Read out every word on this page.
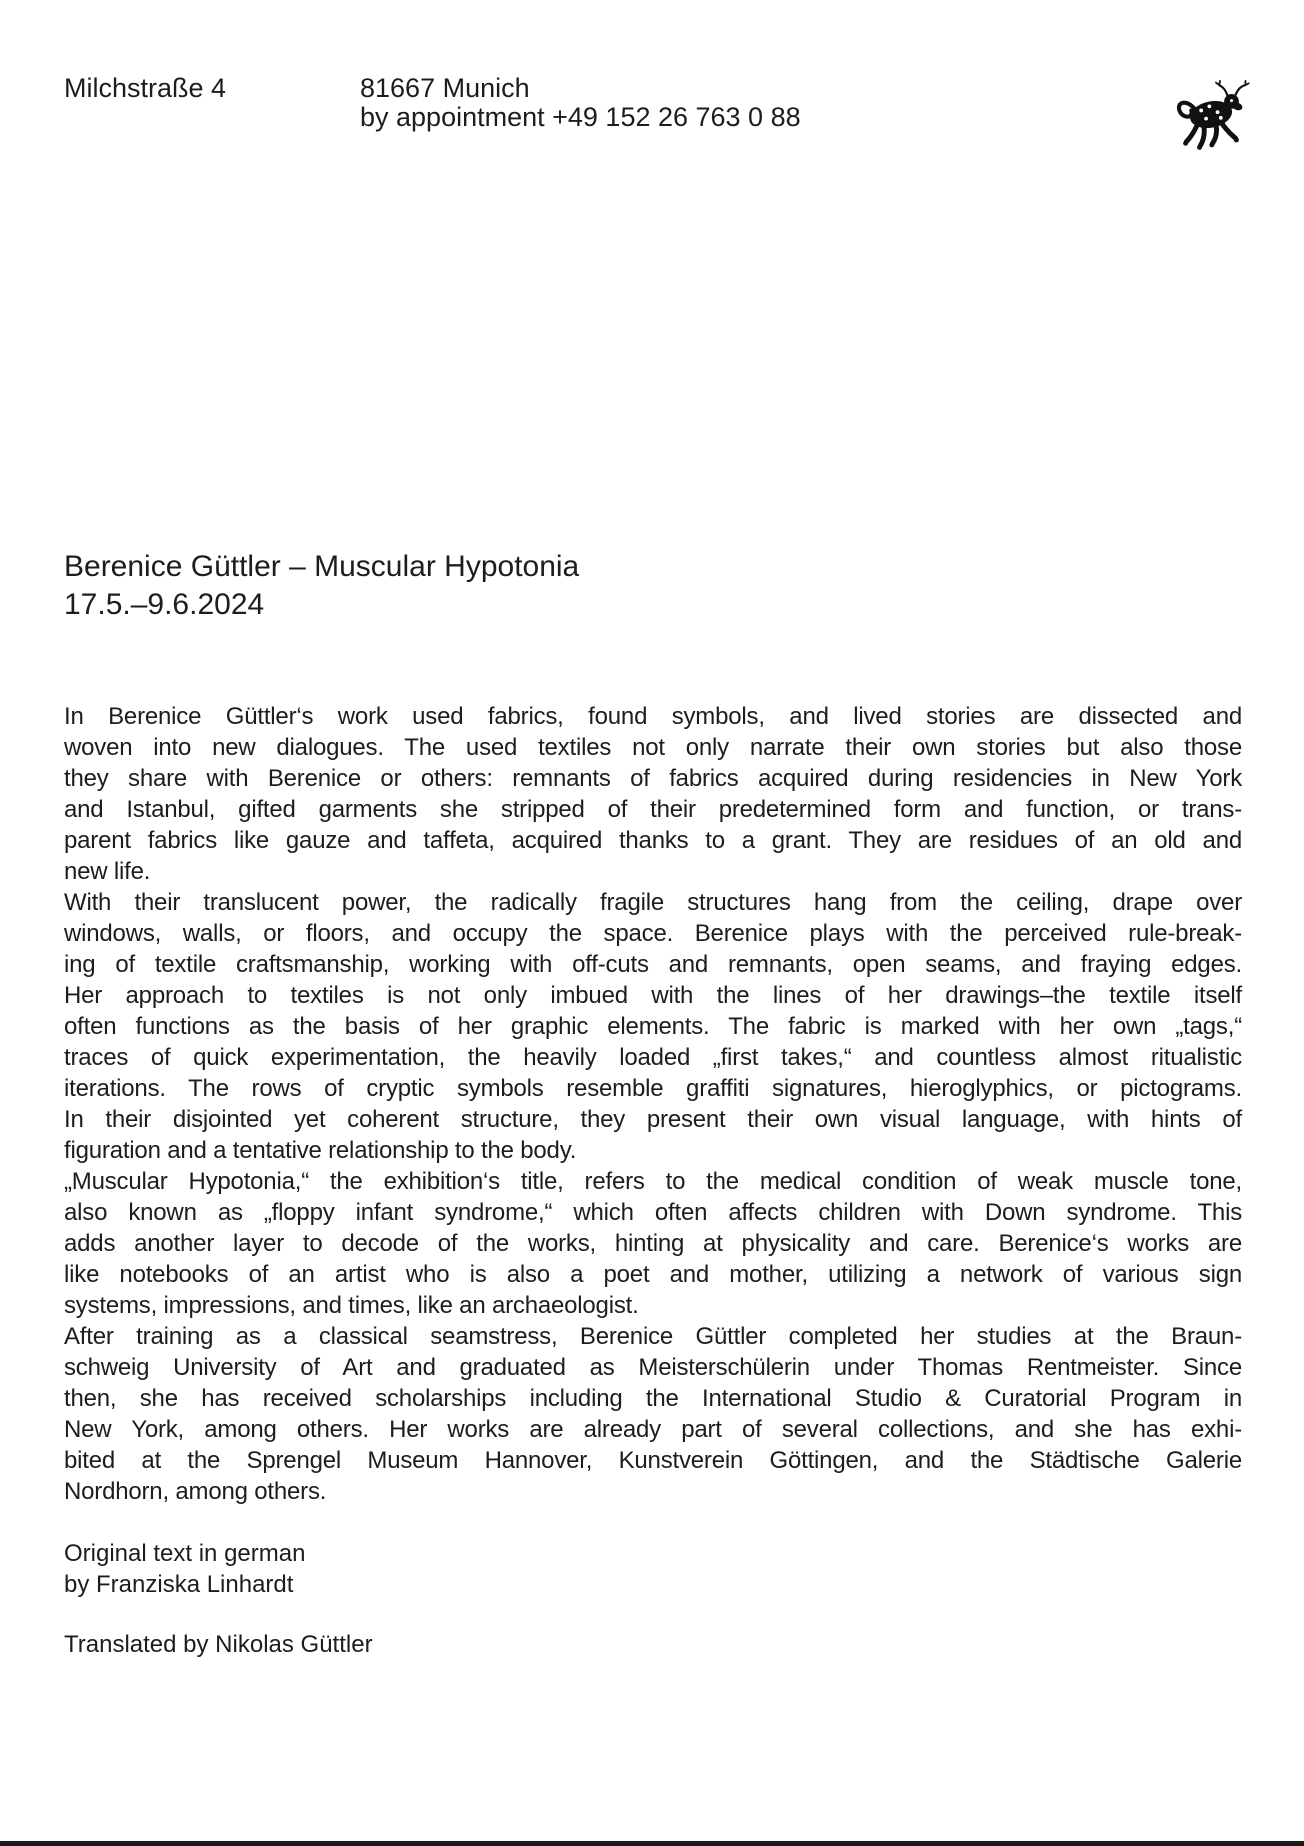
Milchstraße 4	81667 Munich
by appointment +49 152 26 763 0 88
Berenice Güttler – Muscular Hypotonia
17.5.–9.6.2024
In Berenice Güttler‘s work used fabrics, found symbols, and lived stories are dissected and
woven into new dialogues. The used textiles not only narrate their own stories but also those
they share with Berenice or others: remnants of fabrics acquired during residencies in New York
and Istanbul, gifted garments she stripped of their predetermined form and function, or trans-
parent fabrics like gauze and taffeta, acquired thanks to a grant. They are residues of an old and
new life.
With their translucent power, the radically fragile structures hang from the ceiling, drape over
windows, walls, or floors, and occupy the space. Berenice plays with the perceived rule-break-
ing of textile craftsmanship, working with off-cuts and remnants, open seams, and fraying edges.
Her approach to textiles is not only imbued with the lines of her drawings–the textile itself
often functions as the basis of her graphic elements. The fabric is marked with her own „tags,“
traces of quick experimentation, the heavily loaded „first takes,“ and countless almost ritualistic
iterations. The rows of cryptic symbols resemble graffiti signatures, hieroglyphics, or pictograms.
In their disjointed yet coherent structure, they present their own visual language, with hints of
figuration and a tentative relationship to the body.
„Muscular Hypotonia,“ the exhibition‘s title, refers to the medical condition of weak muscle tone,
also known as „floppy infant syndrome,“ which often affects children with Down syndrome. This
adds another layer to decode of the works, hinting at physicality and care. Berenice‘s works are
like notebooks of an artist who is also a poet and mother, utilizing a network of various sign
systems, impressions, and times, like an archaeologist.
After training as a classical seamstress, Berenice Güttler completed her studies at the Braun-
schweig University of Art and graduated as Meisterschülerin under Thomas Rentmeister. Since
then, she has received scholarships including the International Studio & Curatorial Program in
New York, among others. Her works are already part of several collections, and she has exhi-
bited at the Sprengel Museum Hannover, Kunstverein Göttingen, and the Städtische Galerie
Nordhorn, among others.
Original text in german
by Franziska Linhardt
Translated by Nikolas Güttler
